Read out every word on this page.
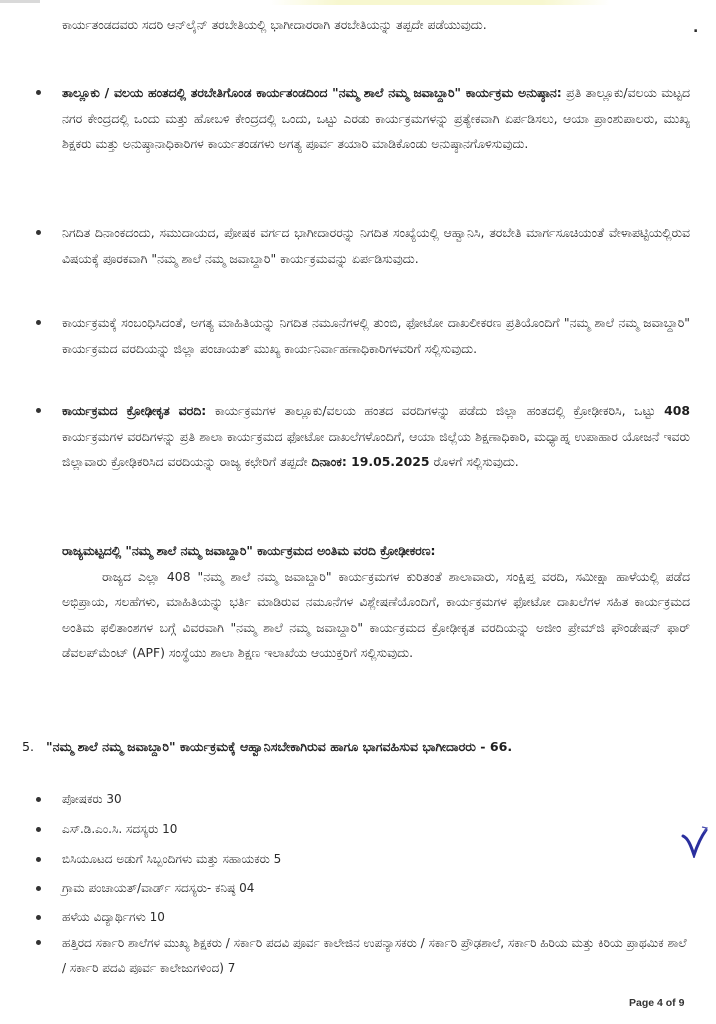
ಕಾರ್ಯತಂಡದವರು ಸದರಿ ಆನ್‌ಲೈನ್ ತರಬೇತಿಯಲ್ಲಿ ಭಾಗೀದಾರರಾಗಿ ತರಬೇತಿಯನ್ನು ತಪ್ಪದೇ ಪಡೆಯುವುದು.	.
ತಾಲ್ಲೂಕು / ವಲಯ ಹಂತದಲ್ಲಿ ತರಬೇತಿಗೊಂಡ ಕಾರ್ಯತಂಡದಿಂದ "ನಮ್ಮ ಶಾಲೆ ನಮ್ಮ ಜವಾಬ್ದಾರಿ" ಕಾರ್ಯಕ್ರಮ ಅನುಷ್ಠಾನ: ಪ್ರತಿ ತಾಲ್ಲೂಕು/ವಲಯ ಮಟ್ಟದ ನಗರ ಕೇಂದ್ರದಲ್ಲಿ ಒಂದು ಮತ್ತು ಹೋಬಳಿ ಕೇಂದ್ರದಲ್ಲಿ ಒಂದು, ಒಟ್ಟು ಎರಡು ಕಾರ್ಯಕ್ರಮಗಳನ್ನು ಪ್ರತ್ಯೇಕವಾಗಿ ಏರ್ಪಡಿಸಲು, ಆಯಾ ಪ್ರಾಂಶುಪಾಲರು, ಮುಖ್ಯ ಶಿಕ್ಷಕರು ಮತ್ತು ಅನುಷ್ಠಾನಾಧಿಕಾರಿಗಳ ಕಾರ್ಯತಂಡಗಳು ಅಗತ್ಯ ಪೂರ್ವ ತಯಾರಿ ಮಾಡಿಕೊಂಡು ಅನುಷ್ಠಾನಗೊಳಿಸುವುದು.
ನಿಗದಿತ ದಿನಾಂಕದಂದು, ಸಮುದಾಯದ, ಪೋಷಕ ವರ್ಗದ ಭಾಗೀದಾರರನ್ನು ನಿಗದಿತ ಸಂಖ್ಯೆಯಲ್ಲಿ ಆಹ್ವಾನಿಸಿ, ತರಬೇತಿ ಮಾರ್ಗಸೂಚಿಯಂತೆ ವೇಳಾಪಟ್ಟಿಯಲ್ಲಿರುವ ವಿಷಯಕ್ಕೆ ಪೂರಕವಾಗಿ "ನಮ್ಮ ಶಾಲೆ ನಮ್ಮ ಜವಾಬ್ದಾರಿ" ಕಾರ್ಯಕ್ರಮವನ್ನು ಏರ್ಪಡಿಸುವುದು.
ಕಾರ್ಯಕ್ರಮಕ್ಕೆ ಸಂಬಂಧಿಸಿದಂತೆ, ಅಗತ್ಯ ಮಾಹಿತಿಯನ್ನು ನಿಗದಿತ ನಮೂನೆಗಳಲ್ಲಿ ತುಂಬಿ, ಫೋಟೋ ದಾಖಲೀಕರಣ ಪ್ರತಿಯೊಂದಿಗೆ "ನಮ್ಮ ಶಾಲೆ ನಮ್ಮ ಜವಾಬ್ದಾರಿ" ಕಾರ್ಯಕ್ರಮದ ವರದಿಯನ್ನು ಜಿಲ್ಲಾ ಪಂಚಾಯತ್ ಮುಖ್ಯ ಕಾರ್ಯನಿರ್ವಾಹಣಾಧಿಕಾರಿಗಳವರಿಗೆ ಸಲ್ಲಿಸುವುದು.
ಕಾರ್ಯಕ್ರಮದ ಕ್ರೋಢೀಕೃತ ವರದಿ: ಕಾರ್ಯಕ್ರಮಗಳ ತಾಲ್ಲೂಕು/ವಲಯ ಹಂತದ ವರದಿಗಳನ್ನು ಪಡೆದು ಜಿಲ್ಲಾ ಹಂತದಲ್ಲಿ ಕ್ರೋಢೀಕರಿಸಿ, ಒಟ್ಟು 408 ಕಾರ್ಯಕ್ರಮಗಳ ವರದಿಗಳನ್ನು ಪ್ರತಿ ಶಾಲಾ ಕಾರ್ಯಕ್ರಮದ ಫೋಟೋ ದಾಖಲೆಗಳೊಂದಿಗೆ, ಆಯಾ ಜಿಲ್ಲೆಯ ಶಿಕ್ಷಣಾಧಿಕಾರಿ, ಮಧ್ಯಾಹ್ನ ಉಪಾಹಾರ ಯೋಜನೆ ಇವರು ಜಿಲ್ಲಾವಾರು ಕ್ರೋಢಿಕರಿಸಿದ ವರದಿಯನ್ನು ರಾಜ್ಯ ಕಛೇರಿಗೆ ತಪ್ಪದೇ ದಿನಾಂಕ: 19.05.2025 ರೊಳಗೆ ಸಲ್ಲಿಸುವುದು.
ರಾಜ್ಯಮಟ್ಟದಲ್ಲಿ "ನಮ್ಮ ಶಾಲೆ ನಮ್ಮ ಜವಾಬ್ದಾರಿ" ಕಾರ್ಯಕ್ರಮದ ಅಂತಿಮ ವರದಿ ಕ್ರೋಢೀಕರಣ:
ರಾಜ್ಯದ ಎಲ್ಲಾ 408 "ನಮ್ಮ ಶಾಲೆ ನಮ್ಮ ಜವಾಬ್ದಾರಿ" ಕಾರ್ಯಕ್ರಮಗಳ ಕುರಿತಂತೆ ಶಾಲಾವಾರು, ಸಂಕ್ಷಿಪ್ತ ವರದಿ, ಸಮೀಕ್ಷಾ ಹಾಳೆಯಲ್ಲಿ ಪಡೆದ ಅಭಿಪ್ರಾಯ, ಸಲಹೆಗಳು, ಮಾಹಿತಿಯನ್ನು ಭರ್ತಿ ಮಾಡಿರುವ ನಮೂನೆಗಳ ವಿಶ್ಲೇಷಣೆಯೊಂದಿಗೆ, ಕಾರ್ಯಕ್ರಮಗಳ ಫೋಟೋ ದಾಖಲೆಗಳ ಸಹಿತ ಕಾರ್ಯಕ್ರಮದ ಅಂತಿಮ ಫಲಿತಾಂಶಗಳ ಬಗ್ಗೆ ವಿವರವಾಗಿ "ನಮ್ಮ ಶಾಲೆ ನಮ್ಮ ಜವಾಬ್ದಾರಿ" ಕಾರ್ಯಕ್ರಮದ ಕ್ರೋಢೀಕೃತ ವರದಿಯನ್ನು ಅಜೀಂ ಪ್ರೇಮ್‌ಜಿ ಫೌಂಡೇಷನ್ ಫಾರ್ ಡೆವಲಪ್‌ಮೆಂಟ್ (APF) ಸಂಸ್ಥೆಯು ಶಾಲಾ ಶಿಕ್ಷಣ ಇಲಾಖೆಯ ಆಯುಕ್ತರಿಗೆ ಸಲ್ಲಿಸುವುದು.
5. "ನಮ್ಮ ಶಾಲೆ ನಮ್ಮ ಜವಾಬ್ದಾರಿ" ಕಾರ್ಯಕ್ರಮಕ್ಕೆ ಆಹ್ವಾನಿಸಬೇಕಾಗಿರುವ ಹಾಗೂ ಭಾಗವಹಿಸುವ ಭಾಗೀದಾರರು - 66.
ಪೋಷಕರು 30
ಎಸ್.ಡಿ.ಎಂ.ಸಿ. ಸದಸ್ಯರು 10
ಬಿಸಿಯೂಟದ ಅಡುಗೆ ಸಿಬ್ಬಂದಿಗಳು ಮತ್ತು ಸಹಾಯಕರು 5
ಗ್ರಾಮ ಪಂಚಾಯತ್/ವಾರ್ಡ್ ಸದಸ್ಯರು- ಕನಿಷ್ಠ 04
ಹಳೆಯ ವಿದ್ಯಾರ್ಥಿಗಳು 10
ಹತ್ತಿರದ ಸರ್ಕಾರಿ ಶಾಲೆಗಳ ಮುಖ್ಯ ಶಿಕ್ಷಕರು / ಸರ್ಕಾರಿ ಪದವಿ ಪೂರ್ವ ಕಾಲೇಜಿನ ಉಪನ್ಯಾಸಕರು / ಸರ್ಕಾರಿ ಪ್ರೌಢಶಾಲೆ, ಸರ್ಕಾರಿ ಹಿರಿಯ ಮತ್ತು ಕಿರಿಯ ಪ್ರಾಥಮಿಕ ಶಾಲೆ / ಸರ್ಕಾರಿ ಪದವಿ ಪೂರ್ವ ಕಾಲೇಜುಗಳಿಂದ) 7
Page 4 of 9
